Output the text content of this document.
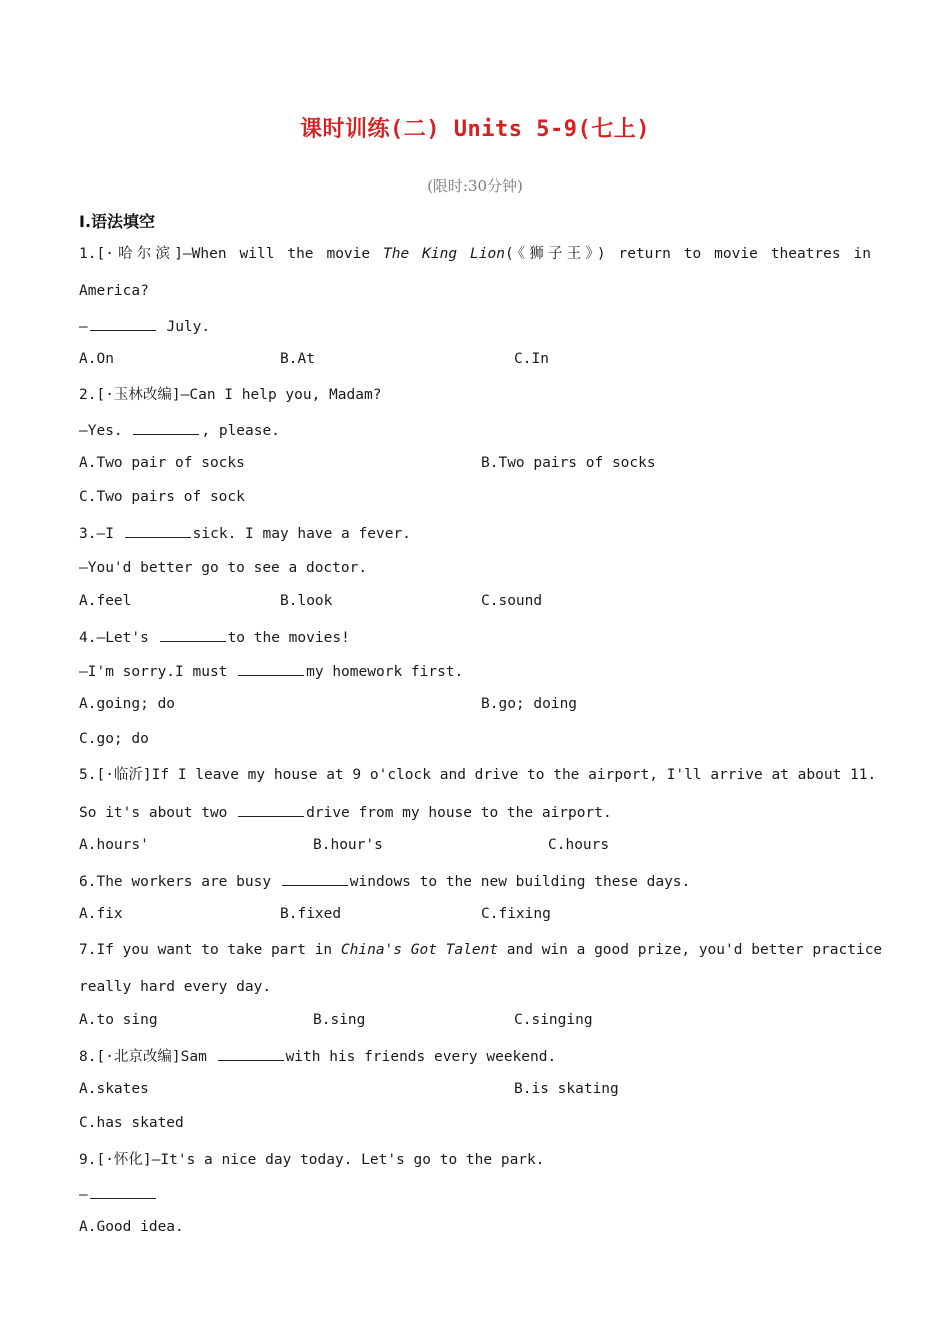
课时训练(二) Units 5-9(七上)
(限时:30分钟)
Ⅰ.语法填空
1.[·哈尔滨]—When will the movie The King Lion(《狮子王》) return to movie theatres in
America?
—	July.
A.On	B.At	C.In
2.[·玉林改编]—Can I help you, Madam?
—Yes.	, please.
A.Two pair of socks	B.Two pairs of socks
C.Two pairs of sock
3.—I	sick. I may have a fever.
—You'd better go to see a doctor.
A.feel	B.look	C.sound
4.—Let's	to the movies!
—I'm sorry.I must	my homework first.
A.going; do	B.go; doing
C.go; do
5.[·临沂]If I leave my house at 9 o'clock and drive to the airport, I'll arrive at about 11.
So it's about two	drive from my house to the airport.
A.hours'	B.hour's	C.hours
6.The workers are busy	windows to the new building these days.
A.fix	B.fixed	C.fixing
7.If you want to take part in China's Got Talent and win a good prize, you'd better practice
really hard every day.
A.to sing	B.sing	C.singing
8.[·北京改编]Sam	with his friends every weekend.
A.skates	B.is skating
C.has skated
9.[·怀化]—It's a nice day today. Let's go to the park.
—
A.Good idea.
